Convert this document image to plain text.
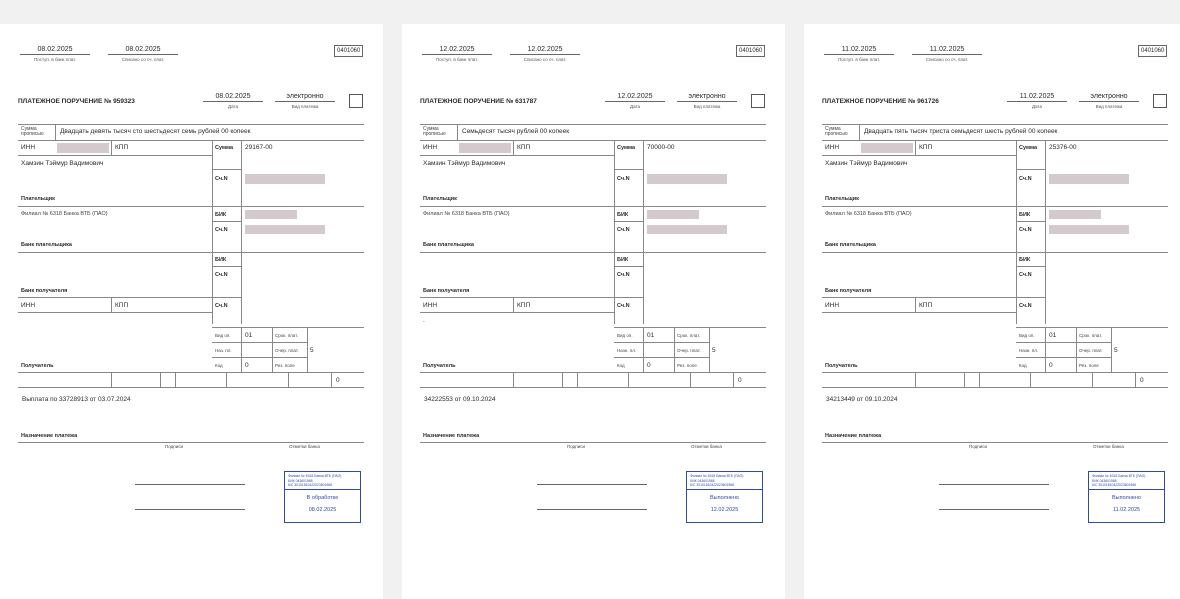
08.02.2025
Поступ. в банк плат.
08.02.2025
Списано со сч. плат.
0401060
ПЛАТЕЖНОЕ ПОРУЧЕНИЕ № 959323
08.02.2025
Дата
электронно
Вид платежа
Сумма прописью	Двадцать девять тысяч сто шестьдесят семь рублей 00 копеек
ИНН	КПП	Сумма 29167-00
Хамзин Тэймур Вадимович
Сч.N
Плательщик
Филиал № 6318 Банка ВТБ (ПАО)	БИК
Сч.N
Банк плательщика
БИК
Сч.N
Банк получателя
ИНН	КПП	Сч.N
Вид оп. 01	Срок. плат.
Наз. пл.	Очер. плат. 5
Код	0	Рез. поле
Получатель
0
Выплата по 33728913 от 03.07.2024
Назначение платежа
Подписи	Отметки банка
Филиал № 6318 Банка ВТБ (ПАО)
БИК 043601968
К/С 30101810422023601968
В обработке
08.02.2025
12.02.2025
Поступ. в банк плат.
12.02.2025
Списано со сч. плат.
0401060
ПЛАТЕЖНОЕ ПОРУЧЕНИЕ № 631787
12.02.2025
Дата
электронно
Вид платежа
Сумма прописью	Семьдесят тысяч рублей 00 копеек
ИНН	КПП	Сумма 70000-00
Хамзин Тэймур Вадимович
Сч.N
Плательщик
Филиал № 6318 Банка ВТБ (ПАО)	БИК
Сч.N
Банк плательщика
БИК
Сч.N
Банк получателя
ИНН	КПП	Сч.N
.
Вид оп. 01	Срок. плат.
Назн. пл.	Очер. плат. 5
Код	0	Рез. поле
Получатель
0
34222553 от 09.10.2024
Назначение платежа
Подписи	Отметки банка
Филиал № 6318 Банка ВТБ (ПАО)
БИК 043601968
К/С 30101810422023601968
Выполнено
12.02.2025
11.02.2025
Поступ. в банк плат.
11.02.2025
Списано со сч. плат.
0401060
ПЛАТЕЖНОЕ ПОРУЧЕНИЕ № 961726
11.02.2025
Дата
электронно
Вид платежа
Сумма прописью	Двадцать пять тысяч триста семьдесят шесть рублей 00 копеек
ИНН	КПП	Сумма 25376-00
Хамзин Тэймур Вадимович
Сч.N
Плательщик
Филиал № 6318 Банка ВТБ (ПАО)	БИК
Сч.N
Банк плательщика
БИК
Сч.N
Банк получателя
ИНН	КПП	Сч.N
Вид оп. 01	Срок. плат.
Назн. пл.	Очер. плат. 5
Код	0	Рез. поле
Получатель
0
34213449 от 09.10.2024
Назначение платежа
Подписи	Отметки банка
Филиал № 6318 Банка ВТБ (ПАО)
БИК 043601968
К/С 30101810422023601968
Выполнено
11.02.2025
